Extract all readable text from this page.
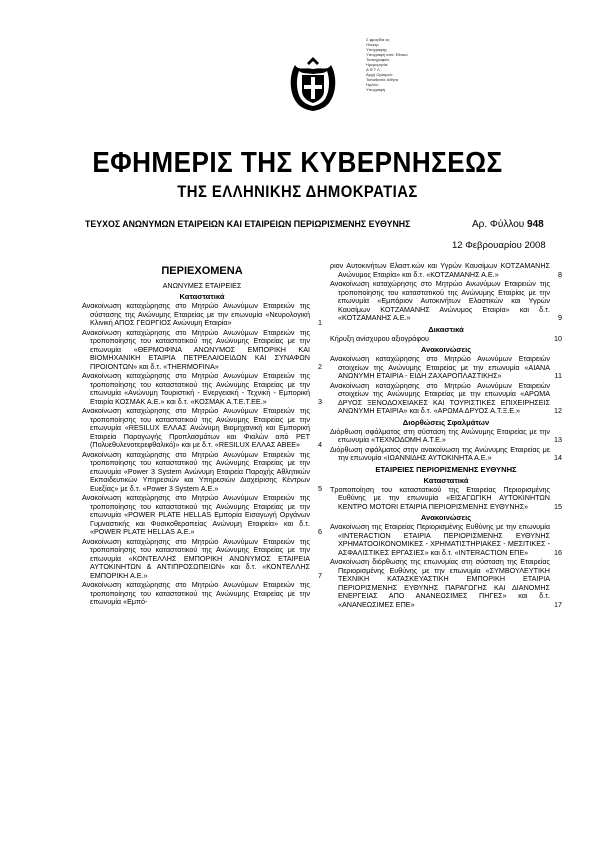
Σ φραγίδα ας
Ηλεκτρ
Υπογραφής
Υπογραφή από: Εθνικό
Τυπογραφείο
Ημερομηνία:
Α Φ Τ Λ
Αρχή Ορισμού:
Τοποθεσία: Αθήνα
Ημ/νία:
Υπογραφή
ΕΦΗΜΕΡΙΣ ΤΗΣ ΚΥΒΕΡΝΗΣΕΩΣ
ΤΗΣ ΕΛΛΗΝΙΚΗΣ ΔΗΜΟΚΡΑΤΙΑΣ
ΤΕΥΧΟΣ ΑΝΩΝΥΜΩΝ ΕΤΑΙΡΕΙΩΝ ΚΑΙ ΕΤΑΙΡΕΙΩΝ ΠΕΡΙΩΡΙΣΜΕΝΗΣ ΕΥΘΥΝΗΣ	Αρ. Φύλλου 948
12 Φεβρουαρίου 2008
ΠΕΡΙΕΧΟΜΕΝΑ
ΑΝΩΝΥΜΕΣ ΕΤΑΙΡΕΙΕΣ
Καταστατικά
Ανακοίνωση καταχώρησης στο Μητρώο Ανωνύμων Εταιρειών της σύστασης της Ανώνυμης Εταιρείας με την επωνυμία «Νευρολογική Κλινική ΑΠΟΣ ΓΕΩΡΓΙΟΣ Ανώνυμη Εταιρία»	1
Ανακοίνωση καταχώρησης στο Μητρώο Ανωνύμων Εταιρειών της τροποποίησης του καταστατικού της Ανώνυμης Εταιρείας με την επωνυμία «ΘΕΡΜΟΦΙΝΑ ΑΝΩΝΥΜΟΣ ΕΜΠΟΡΙΚΗ ΚΑΙ ΒΙΟΜΗΧΑΝΙΚΗ ΕΤΑΙΡΙΑ ΠΕΤΡΕΛΑΙΟΕΙΔΩΝ ΚΑΙ ΣΥΝΑΦΩΝ ΠΡΟΙΟΝΤΩΝ» και δ.τ. «THERMOFINA»	2
Ανακοίνωση καταχώρησης στο Μητρώο Ανωνύμων Εταιρειών της τροποποίησης του καταστατικού της Ανώνυμης Εταιρείας με την επωνυμία «Ανώνυμη Τουριστική - Ενεργειακή - Τεχνική - Εμπορική Εταιρία ΚΟΣΜΑΚ Α.Ε.» και δ.τ. «ΚΟΣΜΑΚ Α.Τ.Ε.Τ.ΕΕ.»	3
Ανακοίνωση καταχώρησης στο Μητρώο Ανωνύμων Εταιρειών της τροποποίησης του καταστατικού της Ανώνυμης Εταιρείας με την επωνυμία «RESILUX ΕΛΛΑΣ Ανώνυμη Βιομηχανική και Εμπορική Εταιρεία Παραγωγής Προπλασμάτων και Φιαλών από PET (Πολυεθυλενοτερεφθαλικό)» και με δ.τ. «RESILUX ΕΛΛΑΣ ΑΒΕΕ»	4
Ανακοίνωση καταχώρησης στο Μητρώο Ανωνύμων Εταιρειών της τροποποίησης του καταστατικού της Ανώνυμης Εταιρείας με την επωνυμία «Power 3 System Ανώνυμη Εταιρεία Παροχής Αθλητικών Εκπαιδευτικών Υπηρεσιών και Υπηρεσιών Διαχείρισης Κέντρων Ευεξίας» με δ.τ. «Power 3 System Α.Ε.»	5
Ανακοίνωση καταχώρησης στο Μητρώο Ανωνύμων Εταιρειών της τροποποίησης του καταστατικού της Ανώνυμης Εταιρείας με την επωνυμία «POWER PLATE HELLAS Εμπορία Εισαγωγή Οργάνων Γυμναστικής και Φυσικοθεραπείας Ανώνυμη Εταιρεία» και δ.τ. «POWER PLATE HELLAS Α.Ε.»	6
Ανακοίνωση καταχώρησης στο Μητρώο Ανωνύμων Εταιρειών της τροποποίησης του καταστατικού της Ανώνυμης Εταιρείας με την επωνυμία «ΚΟΝΤΕΛΛΗΣ ΕΜΠΟΡΙΚΗ ΑΝΩΝΥΜΟΣ ΕΤΑΙΡΕΙΑ ΑΥΤΟΚΙΝΗΤΩΝ & ΑΝΤΙΠΡΟΣΩΠΕΙΩΝ» και δ.τ. «ΚΟΝΤΕΛΛΗΣ ΕΜΠΟΡΙΚΗ Α.Ε.»	7
Ανακοίνωση καταχώρησης στο Μητρώο Ανωνύμων Εταιρειών της τροποποίησης του καταστατικού της Ανώνυμης Εταιρείας με την επωνυμία «Εμπό-
ριον Αυτοκινήτων Ελαστ.κών και Υγρών Καυσίμων ΚΟΤΖΑΜΑΝΗΣ Ανώνυμος Εταιρία» και δ.τ. «ΚΟΤΖΑΜΑΝΗΣ Α.Ε.»	8
Ανακοίνωση καταχώρησης στο Μητρώο Ανωνύμων Εταιρειών της τροποποίησης του καταστατικού της Ανώνυμης Εταιρίας με την επωνυμία «Εμπόριον Αυτοκινήτων Ελαστικών και Υγρών Καυσίμων ΚΟΤΖΑΜΑΝΗΣ Ανώνυμος Εταιρία» και δ.τ. «ΚΟΤΖΑΜΑΝΗΣ Α.Ε.»	9
Δικαστικά
Κήρυξη ανίσχυρου αξιογράφου	10
Ανακοινώσεις
Ανακοίνωση καταχώρησης στο Μητρώο Ανωνύμων Εταιρειών στοιχείων της Ανώνυμης Εταιρείας με την επωνυμία «ΑΙΑΝΑ ΑΝΩΝΥΜΗ ΕΤΑΙΡΙΑ - ΕΙΔΗ ΖΑΧΑΡΟΠΛΑΣΤΙΚΗΣ»	11
Ανακοίνωση καταχώρησης στο Μητρώο Ανωνύμων Εταιρειών στοιχείων της Ανώνυμης Εταιρείας με την επωνυμία «ΑΡΩΜΑ ΔΡΥΟΣ ΞΕΝΟΔΟΧΕΙΑΚΕΣ ΚΑΙ ΤΟΥΡΙΣΤΙΚΕΣ ΕΠΙΧΕΙΡΗΣΕΙΣ ΑΝΩΝΥΜΗ ΕΤΑΙΡΙΑ» και δ.τ. «ΑΡΩΜΑ ΔΡΥΟΣ Α.Τ.Ξ.Ε.»	12
Διορθώσεις Σφαλμάτων
Διόρθωση σφάλματος στη σύσταση της Ανώνυμης Εταιρείας με την επωνυμία «ΤΕΧΝΟΔΟΜΗ Α.Τ.Ε.»	13
Διόρθωση σφάλματος στην ανακοίνωση της Ανώνυμης Εταιρείας με την επωνυμία «ΙΩΑΝΝΙΔΗΣ ΑΥΤΟΚΙΝΗΤΑ Α.Ε.»	14
ΕΤΑΙΡΕΙΕΣ ΠΕΡΙΟΡΙΣΜΕΝΗΣ ΕΥΘΥΝΗΣ
Καταστατικά
Τροποποίηση του καταστατικού της Εταιρείας Περιορισμένης Ευθύνης με την επωνυμία «ΕΙΣΑΓΩΓΙΚΗ ΑΥΤΟΚΙΝΗΤΩΝ ΚΕΝΤΡΟ MOTORI ΕΤΑΙΡΙΑ ΠΕΡΙΟΡΙΣΜΕΝΗΣ ΕΥΘΥΝΗΣ»	15
Ανακοινώσεις
Ανακοίνωση της Εταιρείας Περιορισμένης Ευθύνης με την επωνυμία «INTERACTION ΕΤΑΙΡΙΑ ΠΕΡΙΟΡΙΣΜΕΝΗΣ ΕΥΘΥΝΗΣ ΧΡΗΜΑΤΟΟΙΚΟΝΟΜΙΚΕΣ - ΧΡΗΜΑΤΙΣΤΗΡΙΑΚΕΣ - ΜΕΣΙΤΙΚΕΣ - ΑΣΦΑΛΙΣΤΙΚΕΣ ΕΡΓΑΣΙΕΣ» και δ.τ. «INTERACTION ΕΠΕ»	16
Ανακοίνωση διόρθωσης της επωνυμίας στη σύσταση της Εταιρείας Περιορισμένης Ευθύνης με την επωνυμία «ΣΥΜΒΟΥΛΕΥΤΙΚΗ ΤΕΧΝΙΚΗ ΚΑΤΑΣΚΕΥΑΣΤΙΚΗ ΕΜΠΟΡΙΚΗ ΕΤΑΙΡΙΑ ΠΕΡΙΟΡΙΣΜΕΝΗΣ ΕΥΘΥΝΗΣ ΠΑΡΑΓΩΓΗΣ ΚΑΙ ΔΙΑΝΟΜΗΣ ΕΝΕΡΓΕΙΑΣ ΑΠΟ ΑΝΑΝΕΩΣΙΜΕΣ ΠΗΓΕΣ» και δ.τ. «ΑΝΑΝΕΩΣΙΜΕΣ ΕΠΕ»	17
